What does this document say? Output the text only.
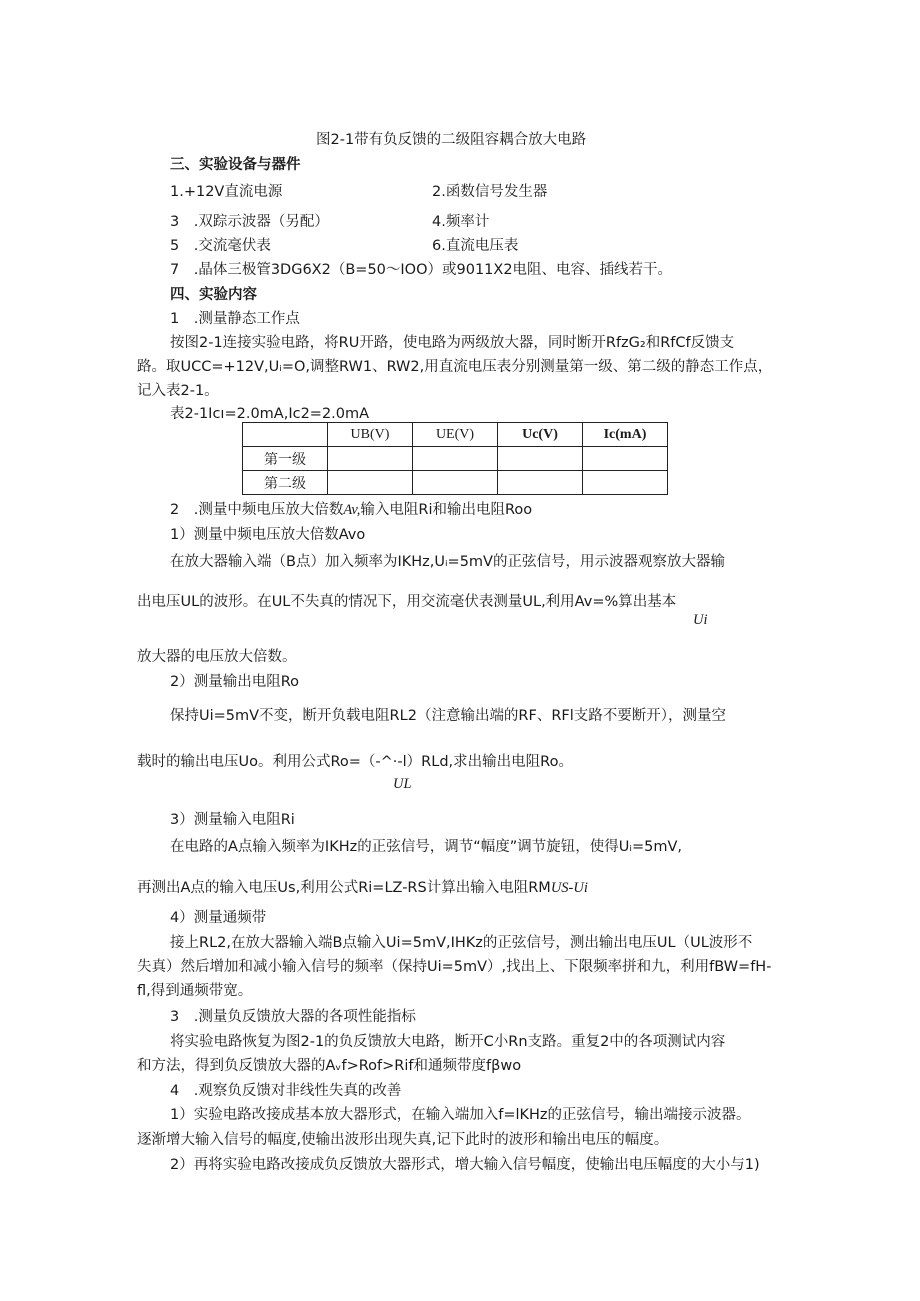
图2-1带有负反馈的二级阻容耦合放大电路
三、实验设备与器件
1.+12V直流电源	2.函数信号发生器
3　.双踪示波器（另配）	4.频率计
5　.交流毫伏表	6.直流电压表
7　.晶体三极管3DG6X2（B=50～IOO）或9011X2电阻、电容、插线若干。
四、实验内容
1　.测量静态工作点
按图2-1连接实验电路，将RU开路，使电路为两级放大器，同时断开RfzG₂和RfCf反馈支
路。取UCC=+12V,Uᵢ=O,调整RW1、RW2,用直流电压表分别测量第一级、第二级的静态工作点，
记入表2-1。
表2-1Icı=2.0mA,Ic2=2.0mA
	UB(V)	UE(V)	Uc(V)	Ic(mA)
第一级				
第二级				
2　.测量中频电压放大倍数Av,输入电阻Ri和输出电阻Roo
1）测量中频电压放大倍数Avo
在放大器输入端（B点）加入频率为IKHz,Uᵢ=5mV的正弦信号，用示波器观察放大器输
出电压UL的波形。在UL不失真的情况下，用交流毫伏表测量UL,利用Av=%算出基本
Ui
放大器的电压放大倍数。
2）测量输出电阻Ro
保持Ui=5mV不变，断开负载电阻RL2（注意输出端的RF、RFl支路不要断开），测量空
载时的输出电压Uo。利用公式Ro=（-^·-l）RLd,求出输出电阻Ro。
UL
3）测量输入电阻Ri
在电路的A点输入频率为IKHz的正弦信号，调节“幅度”调节旋钮，使得Uᵢ=5mV,
再测出A点的输入电压Us,利用公式Ri=LZ-RS计算出输入电阻RMUS-Ui
4）测量通频带
接上RL2,在放大器输入端B点输入Ui=5mV,IHKz的正弦信号，测出输出电压UL（UL波形不
失真）然后增加和减小输入信号的频率（保持Ui=5mV）,找出上、下限频率拼和九，利用fBW=fH-
fl,得到通频带宽。
3　.测量负反馈放大器的各项性能指标
将实验电路恢复为图2-1的负反馈放大电路，断开C小Rn支路。重复2中的各项测试内容
和方法，得到负反馈放大器的Aᵥf>Rof>Rif和通频带度fβwo
4　.观察负反馈对非线性失真的改善
1）实验电路改接成基本放大器形式，在输入端加入f=lKHz的正弦信号，输出端接示波器。
逐渐增大输入信号的幅度,使输出波形出现失真,记下此时的波形和输出电压的幅度。
2）再将实验电路改接成负反馈放大器形式，增大输入信号幅度，使输出电压幅度的大小与1)
